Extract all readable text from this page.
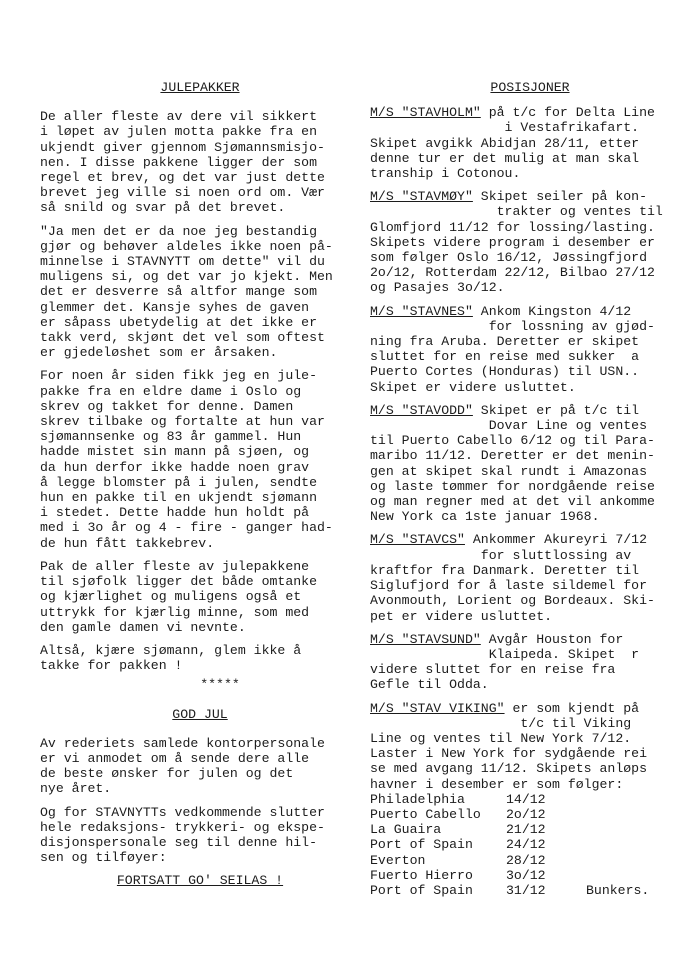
JULEPAKKER
De aller fleste av dere vil sikkert
i løpet av julen motta pakke fra en
ukjendt giver gjennom Sjømannsmisjo-
nen. I disse pakkene ligger der som
regel et brev, og det var just dette
brevet jeg ville si noen ord om. Vær
så snild og svar på det brevet.
"Ja men det er da noe jeg bestandig
gjør og behøver aldeles ikke noen på-
minnelse i STAVNYTT om dette" vil du
muligens si, og det var jo kjekt. Men
det er desverre så altfor mange som
glemmer det. Kansje syhes de gaven
er såpass ubetydelig at det ikke er
takk verd, skjønt det vel som oftest
er gjedeløshet som er årsaken.
For noen år siden fikk jeg en jule-
pakke fra en eldre dame i Oslo og
skrev og takket for denne. Damen
skrev tilbake og fortalte at hun var
sjømannsenke og 83 år gammel. Hun
hadde mistet sin mann på sjøen, og
da hun derfor ikke hadde noen grav
å legge blomster på i julen, sendte
hun en pakke til en ukjendt sjømann
i stedet. Dette hadde hun holdt på
med i 3o år og 4 - fire - ganger had-
de hun fått takkebrev.
Pak de aller fleste av julepakkene
til sjøfolk ligger det både omtanke
og kjærlighet og muligens også et
uttrykk for kjærlig minne, som med
den gamle damen vi nevnte.
Altså, kjære sjømann, glem ikke å
takke for pakken !
*****
GOD JUL
Av rederiets samlede kontorpersonale
er vi anmodet om å sende dere alle
de beste ønsker for julen og det
nye året.
Og for STAVNYTTs vedkommende slutter
hele redaksjons- trykkeri- og ekspe-
disjonspersonale seg til denne hil-
sen og tilføyer:
FORTSATT GO' SEILAS !
POSISJONER
M/S "STAVHOLM" på t/c for Delta Line
i Vestafrikafart.
Skipet avgikk Abidjan 28/11, etter
denne tur er det mulig at man skal
tranship i Cotonou.
M/S "STAVMØY" Skipet seiler på kon-
trakter og ventes til
Glomfjord 11/12 for lossing/lasting.
Skipets videre program i desember er
som følger Oslo 16/12, Jøssingfjord
2o/12, Rotterdam 22/12, Bilbao 27/12
og Pasajes 3o/12.
M/S "STAVNES" Ankom Kingston 4/12
for lossning av gjød-
ning fra Aruba. Deretter er skipet
sluttet for en reise med sukker  a
Puerto Cortes (Honduras) til USN..
Skipet er videre usluttet.
M/S "STAVODD" Skipet er på t/c til
Dovar Line og ventes
til Puerto Cabello 6/12 og til Para-
maribo 11/12. Deretter er det menin-
gen at skipet skal rundt i Amazonas
og laste tømmer for nordgående reise
og man regner med at det vil ankomme
New York ca 1ste januar 1968.
M/S "STAVCS" Ankommer Akureyri 7/12
for sluttlossing av
kraftfor fra Danmark. Deretter til
Siglufjord for å laste sildemel for
Avonmouth, Lorient og Bordeaux. Ski-
pet er videre usluttet.
M/S "STAVSUND" Avgår Houston for
Klaipeda. Skipet  r
videre sluttet for en reise fra
Gefle til Odda.
M/S "STAV VIKING" er som kjendt på
t/c til Viking
Line og ventes til New York 7/12.
Laster i New York for sydgående rei
se med avgang 11/12. Skipets anløps
havner i desember er som følger:
Philadelphia	14/12
Puerto Cabello	2o/12
La Guaira	21/12
Port of Spain	24/12
Everton	28/12
Fuerto Hierro	3o/12
Port of Spain	31/12	Bunkers.
